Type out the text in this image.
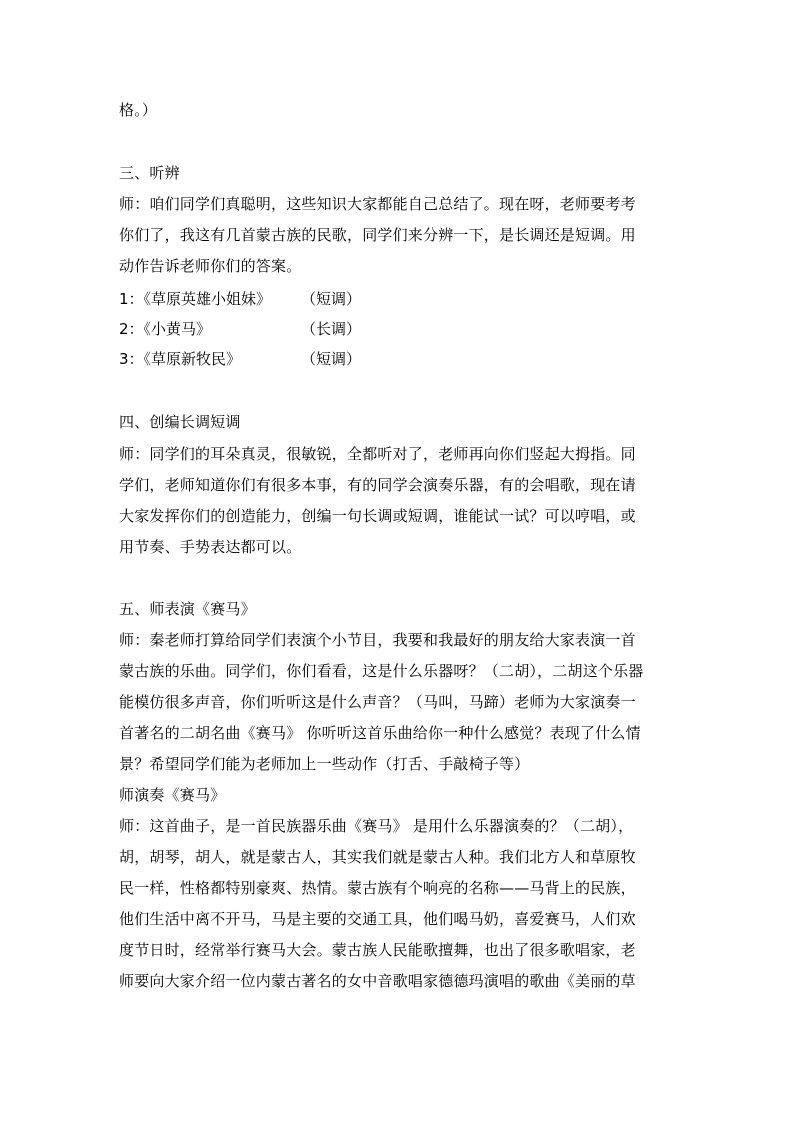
格。）
三、听辨
师：咱们同学们真聪明，这些知识大家都能自己总结了。现在呀，老师要考考
你们了，我这有几首蒙古族的民歌，同学们来分辨一下，是长调还是短调。用
动作告诉老师你们的答案。
1：《草原英雄小姐妹》 （短调）
2：《小黄马》	（长调）
3：《草原新牧民》	（短调）
四、创编长调短调
师：同学们的耳朵真灵，很敏锐，全都听对了，老师再向你们竖起大拇指。同
学们，老师知道你们有很多本事，有的同学会演奏乐器，有的会唱歌，现在请
大家发挥你们的创造能力，创编一句长调或短调，谁能试一试？可以哼唱，或
用节奏、手势表达都可以。
五、师表演《赛马》
师：秦老师打算给同学们表演个小节目，我要和我最好的朋友给大家表演一首
蒙古族的乐曲。同学们，你们看看，这是什么乐器呀？（二胡），二胡这个乐器
能模仿很多声音，你们听听这是什么声音？（马叫，马蹄）老师为大家演奏一
首著名的二胡名曲《赛马》 你听听这首乐曲给你一种什么感觉？表现了什么情
景？希望同学们能为老师加上一些动作（打舌、手敲椅子等）
师演奏《赛马》
师：这首曲子，是一首民族器乐曲《赛马》 是用什么乐器演奏的？（二胡），
胡，胡琴，胡人，就是蒙古人，其实我们就是蒙古人种。我们北方人和草原牧
民一样，性格都特别豪爽、热情。蒙古族有个响亮的名称——马背上的民族，
他们生活中离不开马，马是主要的交通工具，他们喝马奶，喜爱赛马，人们欢
度节日时，经常举行赛马大会。蒙古族人民能歌擅舞，也出了很多歌唱家，老
师要向大家介绍一位内蒙古著名的女中音歌唱家德德玛演唱的歌曲《美丽的草
